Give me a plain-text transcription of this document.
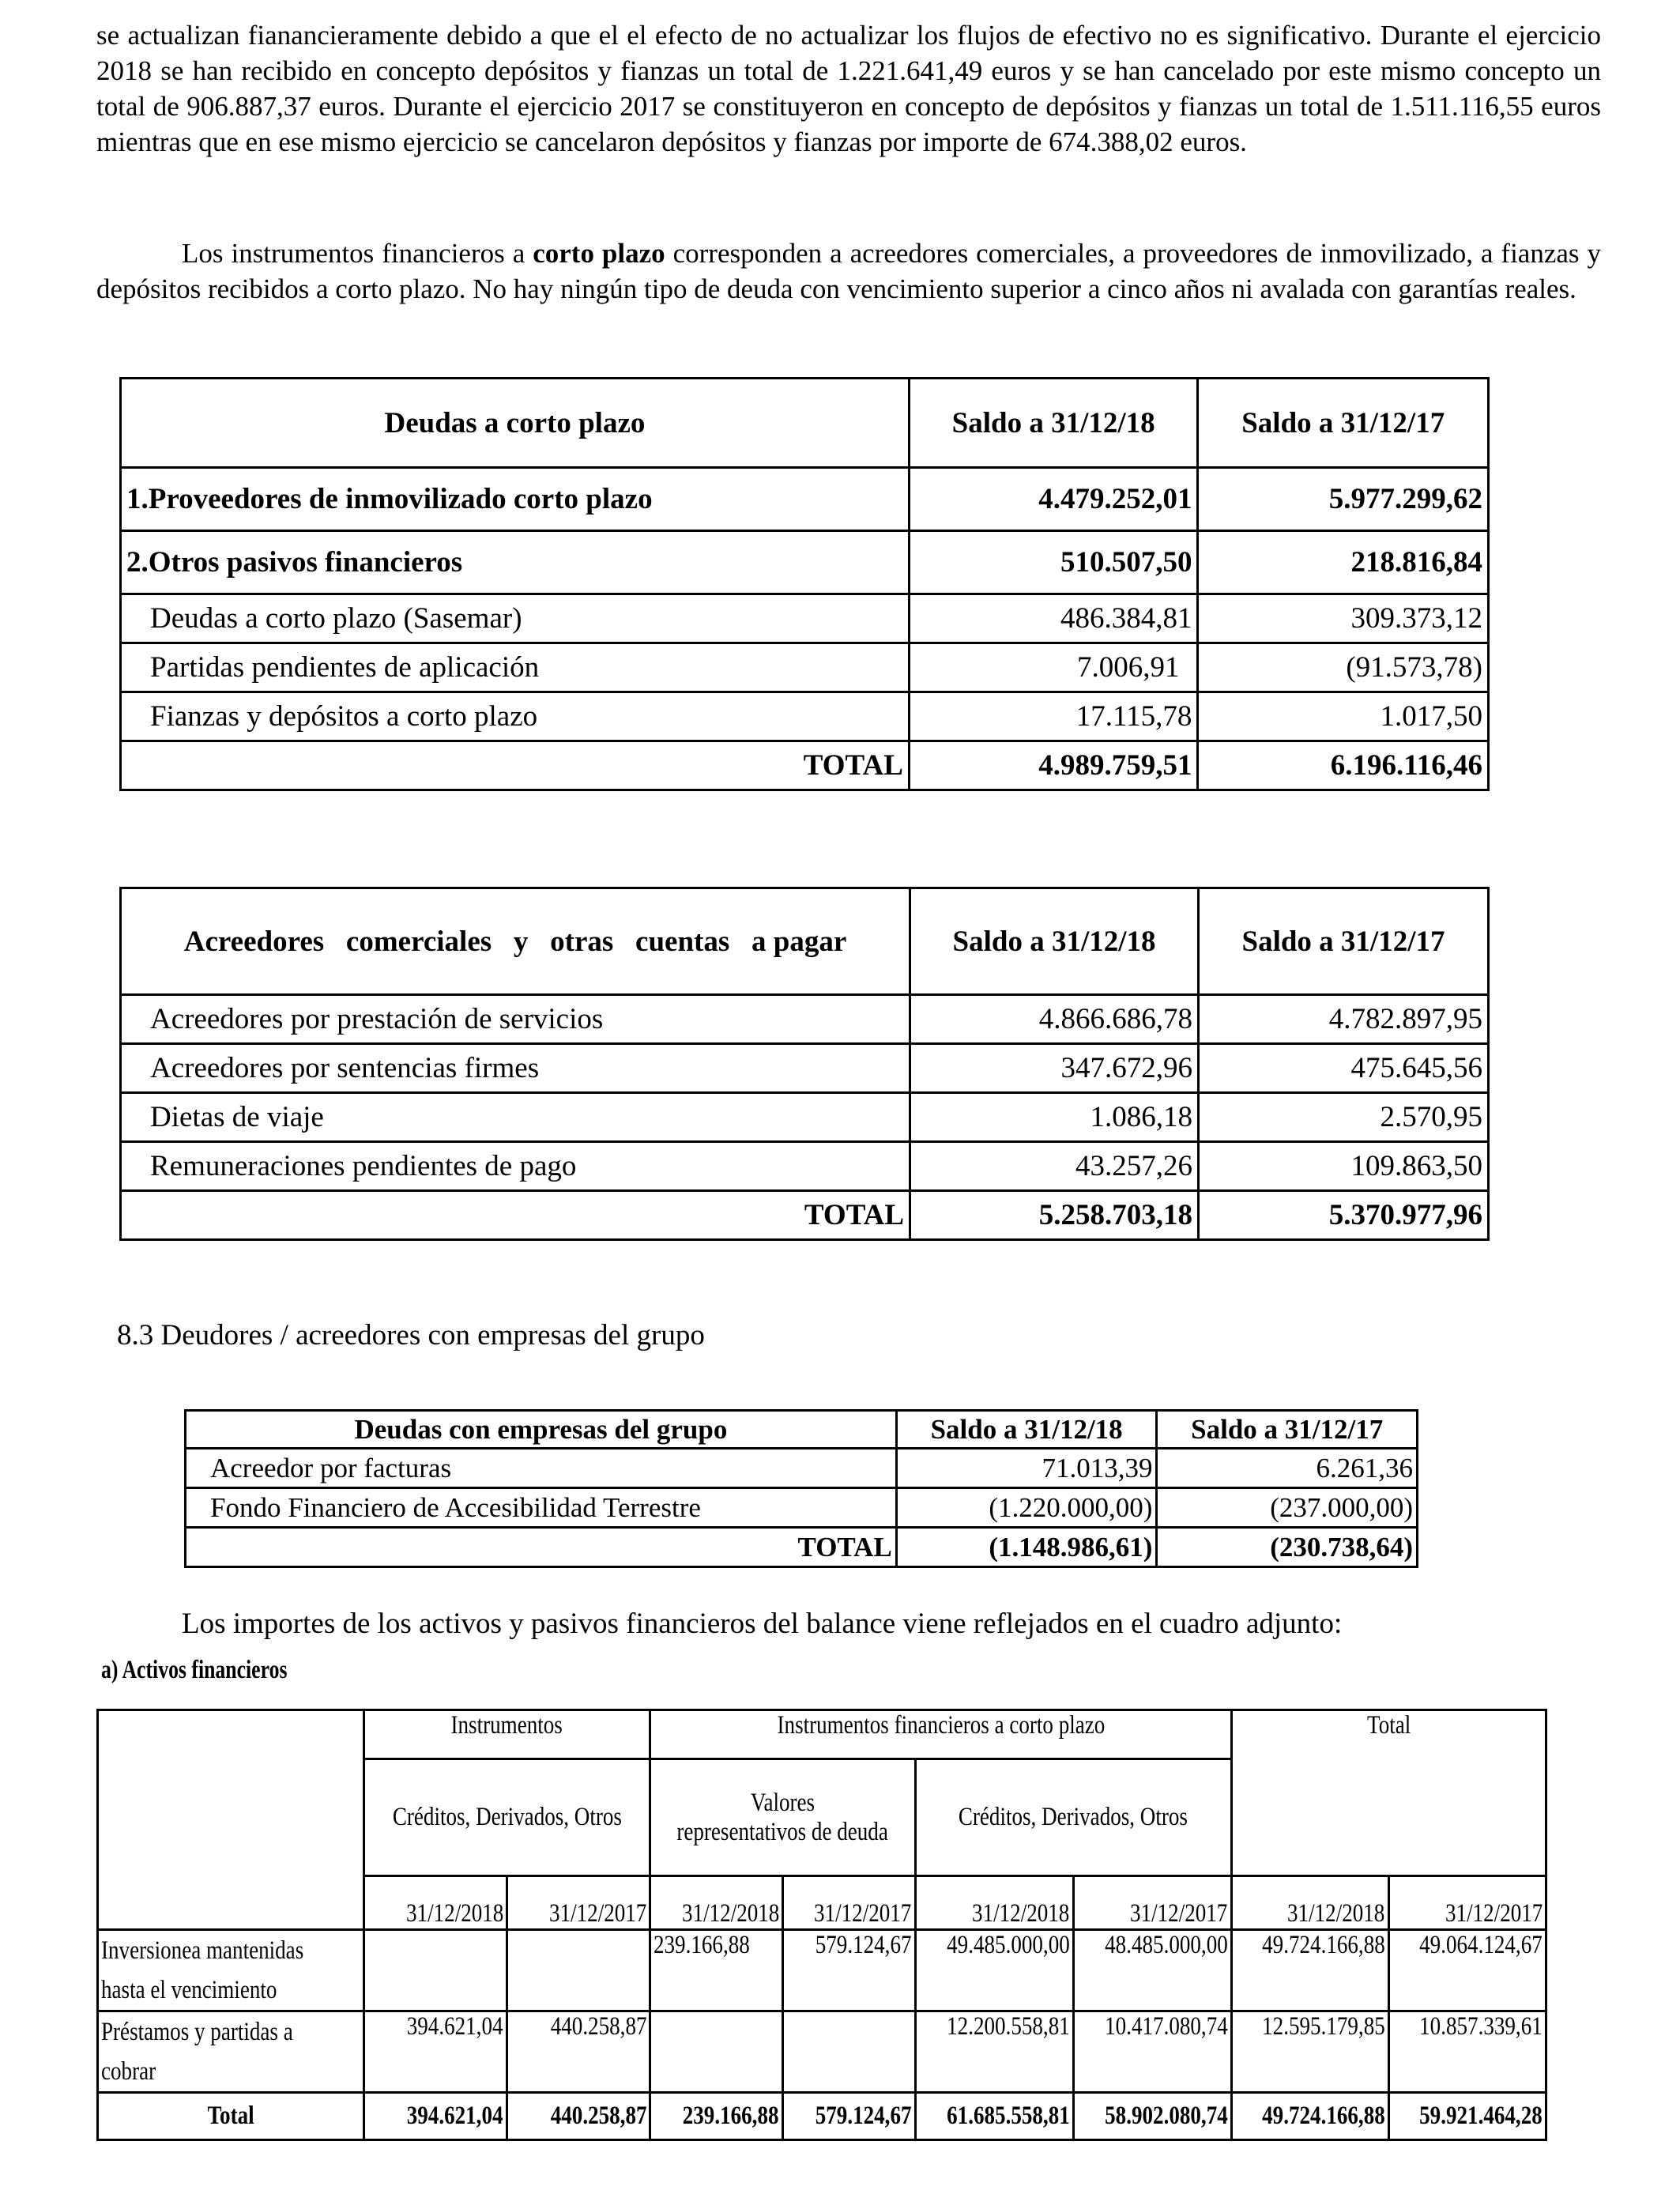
se actualizan fianancieramente debido a que el el efecto de no actualizar los flujos de efectivo no es significativo. Durante el ejercicio 2018 se han recibido en concepto depósitos y fianzas un total de 1.221.641,49 euros y se han cancelado por este mismo concepto un total de 906.887,37 euros. Durante el ejercicio 2017 se constituyeron en concepto de depósitos y fianzas un total de 1.511.116,55 euros mientras que en ese mismo ejercicio se cancelaron depósitos y fianzas por importe de 674.388,02 euros.

Los instrumentos financieros a corto plazo corresponden a acreedores comerciales, a proveedores de inmovilizado, a fianzas y depósitos recibidos a corto plazo. No hay ningún tipo de deuda con vencimiento superior a cinco años ni avalada con garantías reales.

Deudas a corto plazo	Saldo a 31/12/18	Saldo a 31/12/17
1.Proveedores de inmovilizado corto plazo	4.479.252,01	5.977.299,62
2.Otros pasivos financieros	510.507,50	218.816,84
Deudas a corto plazo (Sasemar)	486.384,81	309.373,12
Partidas pendientes de aplicación	7.006,91	(91.573,78)
Fianzas y depósitos a corto plazo	17.115,78	1.017,50
TOTAL	4.989.759,51	6.196.116,46
Acreedores   comerciales   y   otras   cuentas   a pagar	Saldo a 31/12/18	Saldo a 31/12/17
Acreedores por prestación de servicios	4.866.686,78	4.782.897,95
Acreedores por sentencias firmes	347.672,96	475.645,56
Dietas de viaje	1.086,18	2.570,95
Remuneraciones pendientes de pago	43.257,26	109.863,50
TOTAL	5.258.703,18	5.370.977,96
8.3 Deudores / acreedores con empresas del grupo
Deudas con empresas del grupo	Saldo a 31/12/18	Saldo a 31/12/17
Acreedor por facturas	71.013,39	6.261,36
Fondo Financiero de Accesibilidad Terrestre	(1.220.000,00)	(237.000,00)
TOTAL	(1.148.986,61)	(230.738,64)

Los importes de los activos y pasivos financieros del balance viene reflejados en el cuadro adjunto:

a) Activos financieros
	Instrumentos		Instrumentos financieros a corto plazo				Total	
	Créditos, Derivados, Otros		Valores
representativos de deuda		Créditos, Derivados, Otros			
	31/12/2018	31/12/2017	31/12/2018	31/12/2017	31/12/2018	31/12/2017	31/12/2018	31/12/2017
Inversionea mantenidas
hasta el vencimiento			239.166,88	579.124,67	49.485.000,00	48.485.000,00	49.724.166,88	49.064.124,67
Préstamos y partidas a
cobrar	394.621,04	440.258,87			12.200.558,81	10.417.080,74	12.595.179,85	10.857.339,61
Total	394.621,04	440.258,87	239.166,88	579.124,67	61.685.558,81	58.902.080,74	49.724.166,88	59.921.464,28
